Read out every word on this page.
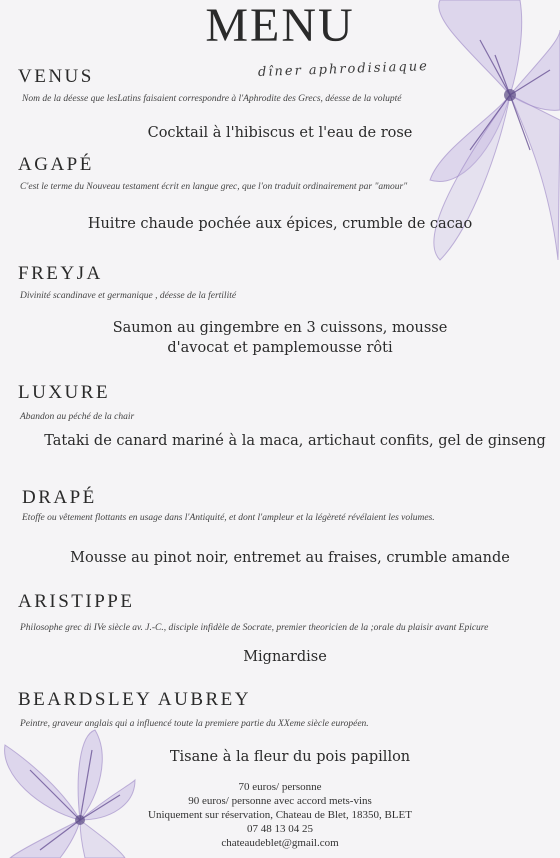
MENU
dîner aphrodisiaque
VENUS
Nom de la déesse que lesLatins faisaient correspondre à l'Aphrodite des Grecs, déesse de la volupté
Cocktail à l'hibiscus et l'eau de rose
AGAPÉ
C'est le terme du Nouveau testament écrit en langue grec, que l'on traduit ordinairement par "amour"
Huitre chaude pochée aux épices, crumble de cacao
FREYJA
Divinité scandinave et germanique , déesse de la fertilité
Saumon au gingembre en 3 cuissons, mousse d'avocat et pamplemousse rôti
LUXURE
Abandon au péché de la chair
Tataki de canard mariné à la maca, artichaut confits, gel de ginseng
DRAPÉ
Etoffe ou vêtement flottants en usage dans l'Antiquité, et dont l'ampleur et la légèreté révélaient les volumes.
Mousse au pinot noir, entremet au fraises, crumble amande
ARISTIPPE
Philosophe grec di IVe siècle av. J.-C., disciple infidèle de Socrate, premier theoricien de la ;orale du plaisir avant Epicure
Mignardise
BEARDSLEY AUBREY
Peintre, graveur anglais qui a influencé toute la premiere partie du XXeme siècle européen.
Tisane à la fleur du pois papillon
70 euros/ personne
90 euros/ personne avec accord mets-vins
Uniquement sur réservation, Chateau de Blet, 18350, BLET
07 48 13 04 25
chateaudeblet@gmail.com
